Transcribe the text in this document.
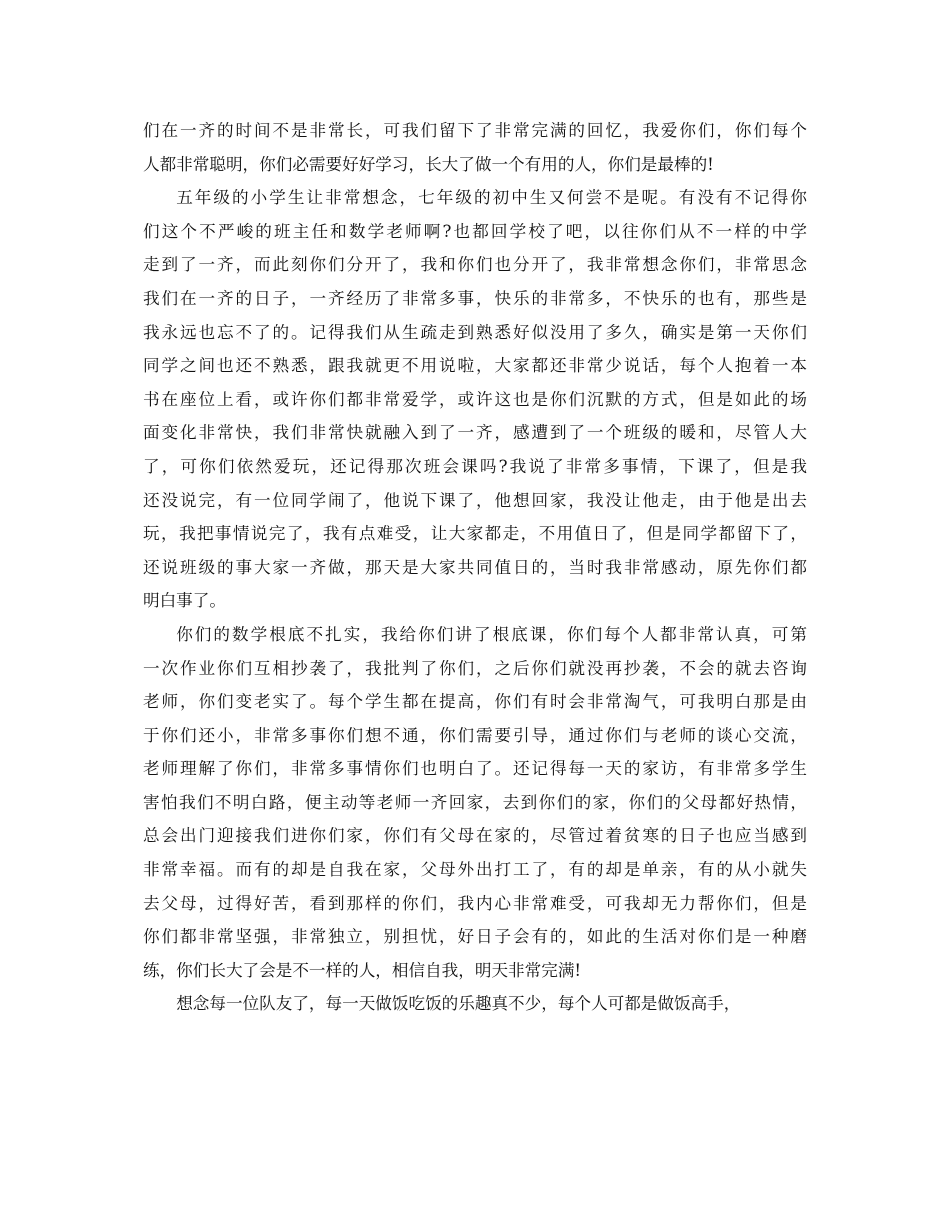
们在一齐的时间不是非常长，可我们留下了非常完满的回忆，我爱你们，你们每个
人都非常聪明，你们必需要好好学习，长大了做一个有用的人，你们是最棒的!
五年级的小学生让非常想念，七年级的初中生又何尝不是呢。有没有不记得你
们这个不严峻的班主任和数学老师啊?也都回学校了吧，以往你们从不一样的中学
走到了一齐，而此刻你们分开了，我和你们也分开了，我非常想念你们，非常思念
我们在一齐的日子，一齐经历了非常多事，快乐的非常多，不快乐的也有，那些是
我永远也忘不了的。记得我们从生疏走到熟悉好似没用了多久，确实是第一天你们
同学之间也还不熟悉，跟我就更不用说啦，大家都还非常少说话，每个人抱着一本
书在座位上看，或许你们都非常爱学，或许这也是你们沉默的方式，但是如此的场
面变化非常快，我们非常快就融入到了一齐，感遭到了一个班级的暖和，尽管人大
了，可你们依然爱玩，还记得那次班会课吗?我说了非常多事情，下课了，但是我
还没说完，有一位同学闹了，他说下课了，他想回家，我没让他走，由于他是出去
玩，我把事情说完了，我有点难受，让大家都走，不用值日了，但是同学都留下了，
还说班级的事大家一齐做，那天是大家共同值日的，当时我非常感动，原先你们都
明白事了。
你们的数学根底不扎实，我给你们讲了根底课，你们每个人都非常认真，可第
一次作业你们互相抄袭了，我批判了你们，之后你们就没再抄袭，不会的就去咨询
老师，你们变老实了。每个学生都在提高，你们有时会非常淘气，可我明白那是由
于你们还小，非常多事你们想不通，你们需要引导，通过你们与老师的谈心交流，
老师理解了你们，非常多事情你们也明白了。还记得每一天的家访，有非常多学生
害怕我们不明白路，便主动等老师一齐回家，去到你们的家，你们的父母都好热情，
总会出门迎接我们进你们家，你们有父母在家的，尽管过着贫寒的日子也应当感到
非常幸福。而有的却是自我在家，父母外出打工了，有的却是单亲，有的从小就失
去父母，过得好苦，看到那样的你们，我内心非常难受，可我却无力帮你们，但是
你们都非常坚强，非常独立，别担忧，好日子会有的，如此的生活对你们是一种磨
练，你们长大了会是不一样的人，相信自我，明天非常完满!
想念每一位队友了，每一天做饭吃饭的乐趣真不少，每个人可都是做饭高手，
